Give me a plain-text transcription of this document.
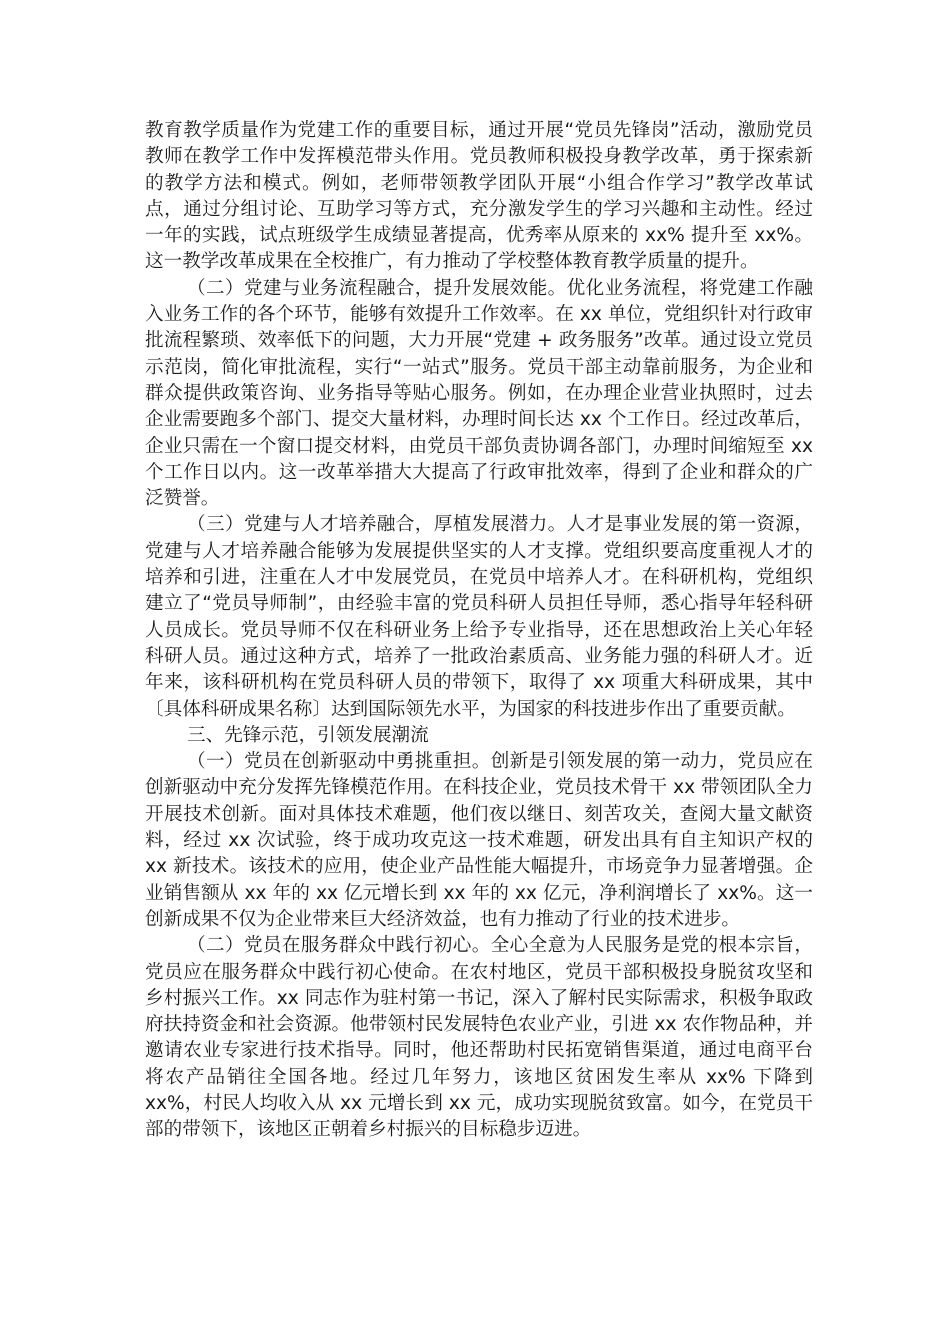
教育教学质量作为党建工作的重要目标，通过开展“党员先锋岗”活动，激励党员教师在教学工作中发挥模范带头作用。党员教师积极投身教学改革，勇于探索新的教学方法和模式。例如，老师带领教学团队开展“小组合作学习”教学改革试点，通过分组讨论、互助学习等方式，充分激发学生的学习兴趣和主动性。经过一年的实践，试点班级学生成绩显著提高，优秀率从原来的 xx% 提升至 xx%。这一教学改革成果在全校推广，有力推动了学校整体教育教学质量的提升。

（二）党建与业务流程融合，提升发展效能。优化业务流程，将党建工作融入业务工作的各个环节，能够有效提升工作效率。在 xx 单位，党组织针对行政审批流程繁琐、效率低下的问题，大力开展“党建 + 政务服务”改革。通过设立党员示范岗，简化审批流程，实行“一站式”服务。党员干部主动靠前服务，为企业和群众提供政策咨询、业务指导等贴心服务。例如，在办理企业营业执照时，过去企业需要跑多个部门、提交大量材料，办理时间长达 xx 个工作日。经过改革后，企业只需在一个窗口提交材料，由党员干部负责协调各部门，办理时间缩短至 xx 个工作日以内。这一改革举措大大提高了行政审批效率，得到了企业和群众的广泛赞誉。

（三）党建与人才培养融合，厚植发展潜力。人才是事业发展的第一资源，党建与人才培养融合能够为发展提供坚实的人才支撑。党组织要高度重视人才的培养和引进，注重在人才中发展党员，在党员中培养人才。在科研机构，党组织建立了“党员导师制”，由经验丰富的党员科研人员担任导师，悉心指导年轻科研人员成长。党员导师不仅在科研业务上给予专业指导，还在思想政治上关心年轻科研人员。通过这种方式，培养了一批政治素质高、业务能力强的科研人才。近年来，该科研机构在党员科研人员的带领下，取得了 xx 项重大科研成果，其中〔具体科研成果名称〕达到国际领先水平，为国家的科技进步作出了重要贡献。

三、先锋示范，引领发展潮流

（一）党员在创新驱动中勇挑重担。创新是引领发展的第一动力，党员应在创新驱动中充分发挥先锋模范作用。在科技企业，党员技术骨干 xx 带领团队全力开展技术创新。面对具体技术难题，他们夜以继日、刻苦攻关，查阅大量文献资料，经过 xx 次试验，终于成功攻克这一技术难题，研发出具有自主知识产权的 xx 新技术。该技术的应用，使企业产品性能大幅提升，市场竞争力显著增强。企业销售额从 xx 年的 xx 亿元增长到 xx 年的 xx 亿元，净利润增长了 xx%。这一创新成果不仅为企业带来巨大经济效益，也有力推动了行业的技术进步。

（二）党员在服务群众中践行初心。全心全意为人民服务是党的根本宗旨，党员应在服务群众中践行初心使命。在农村地区，党员干部积极投身脱贫攻坚和乡村振兴工作。xx 同志作为驻村第一书记，深入了解村民实际需求，积极争取政府扶持资金和社会资源。他带领村民发展特色农业产业，引进 xx 农作物品种，并邀请农业专家进行技术指导。同时，他还帮助村民拓宽销售渠道，通过电商平台将农产品销往全国各地。经过几年努力，该地区贫困发生率从 xx% 下降到 xx%，村民人均收入从 xx 元增长到 xx 元，成功实现脱贫致富。如今，在党员干部的带领下，该地区正朝着乡村振兴的目标稳步迈进。
